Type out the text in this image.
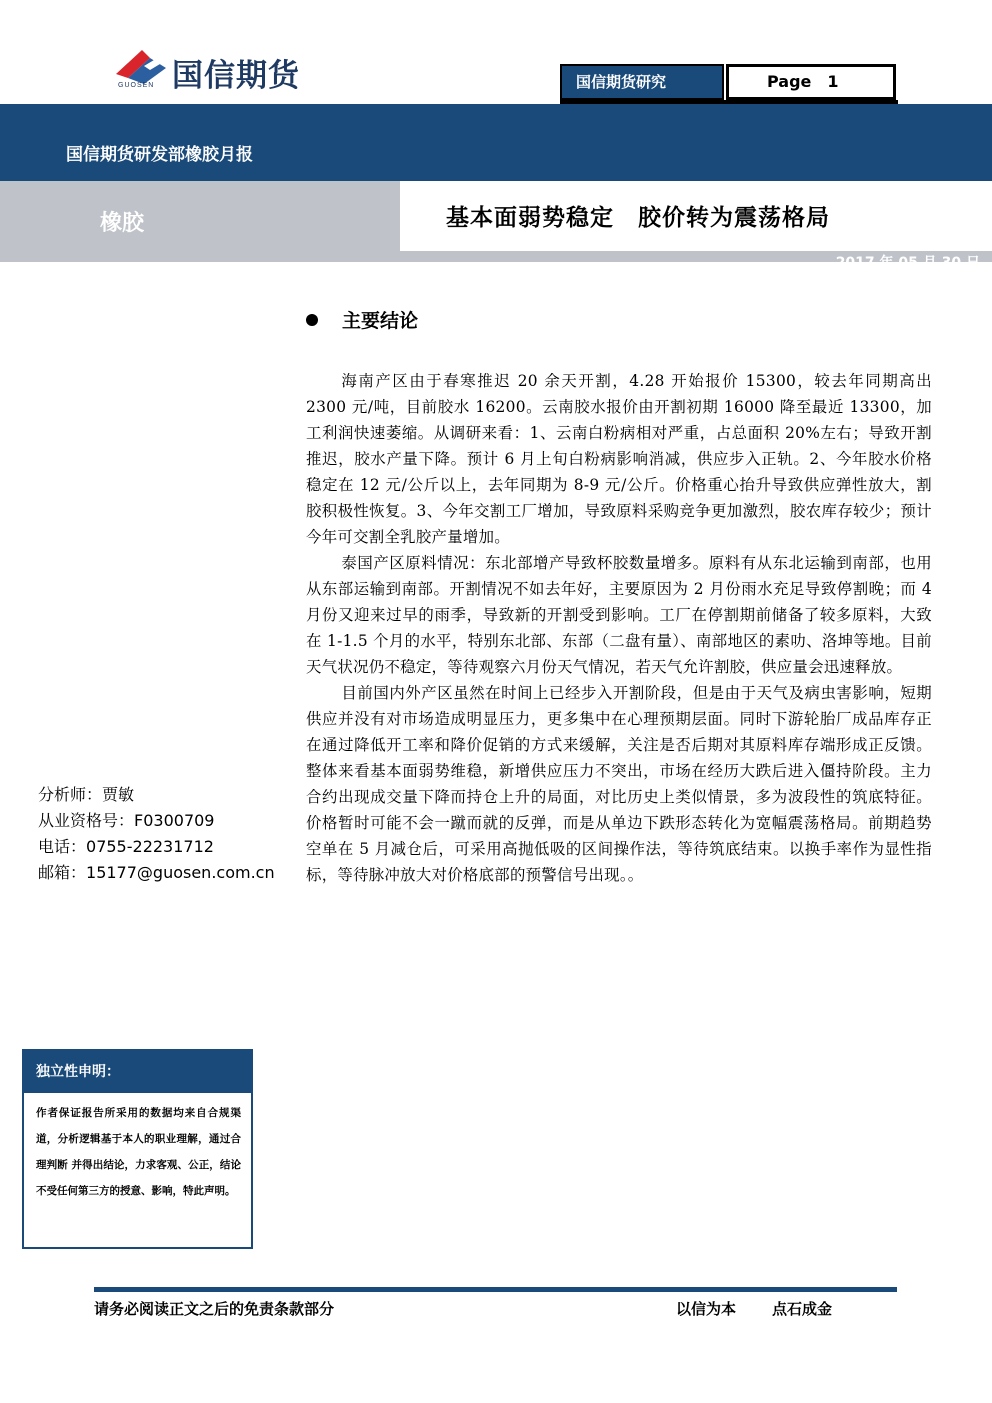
GUOSEN 国信期货	国信期货研究	Page 1
国信期货研发部橡胶月报
橡胶	基本面弱势稳定　胶价转为震荡格局
2017 年 05 月 30 日
主要结论

海南产区由于春寒推迟 20 余天开割，4.28 开始报价 15300，较去年同期高出 2300 元/吨，目前胶水 16200。云南胶水报价由开割初期 16000 降至最近 13300，加工利润快速萎缩。从调研来看：1、云南白粉病相对严重，占总面积 20%左右；导致开割推迟，胶水产量下降。预计 6 月上旬白粉病影响消减，供应步入正轨。2、今年胶水价格稳定在 12 元/公斤以上，去年同期为 8-9 元/公斤。价格重心抬升导致供应弹性放大，割胶积极性恢复。3、今年交割工厂增加，导致原料采购竞争更加激烈，胶农库存较少；预计今年可交割全乳胶产量增加。

泰国产区原料情况：东北部增产导致杯胶数量增多。原料有从东北运输到南部，也用从东部运输到南部。开割情况不如去年好，主要原因为 2 月份雨水充足导致停割晚；而 4 月份又迎来过早的雨季，导致新的开割受到影响。工厂在停割期前储备了较多原料，大致在 1-1.5 个月的水平，特别东北部、东部（二盘有量）、南部地区的素叻、洛坤等地。目前天气状况仍不稳定，等待观察六月份天气情况，若天气允许割胶，供应量会迅速释放。

目前国内外产区虽然在时间上已经步入开割阶段，但是由于天气及病虫害影响，短期供应并没有对市场造成明显压力，更多集中在心理预期层面。同时下游轮胎厂成品库存正在通过降低开工率和降价促销的方式来缓解，关注是否后期对其原料库存端形成正反馈。整体来看基本面弱势维稳，新增供应压力不突出，市场在经历大跌后进入僵持阶段。主力合约出现成交量下降而持仓上升的局面，对比历史上类似情景，多为波段性的筑底特征。价格暂时可能不会一蹴而就的反弹，而是从单边下跌形态转化为宽幅震荡格局。前期趋势空单在 5 月减仓后，可采用高抛低吸的区间操作法，等待筑底结束。以换手率作为显性指标，等待脉冲放大对价格底部的预警信号出现。。

分析师：贾敏
从业资格号：F0300709
电话：0755-22231712
邮箱：15177@guosen.com.cn
独立性申明：
作者保证报告所采用的数据均来自合规渠道，分析逻辑基于本人的职业理解，通过合理判断 并得出结论，力求客观、公正，结论不受任何第三方的授意、影响，特此声明。
请务必阅读正文之后的免责条款部分	以信为本 点石成金
